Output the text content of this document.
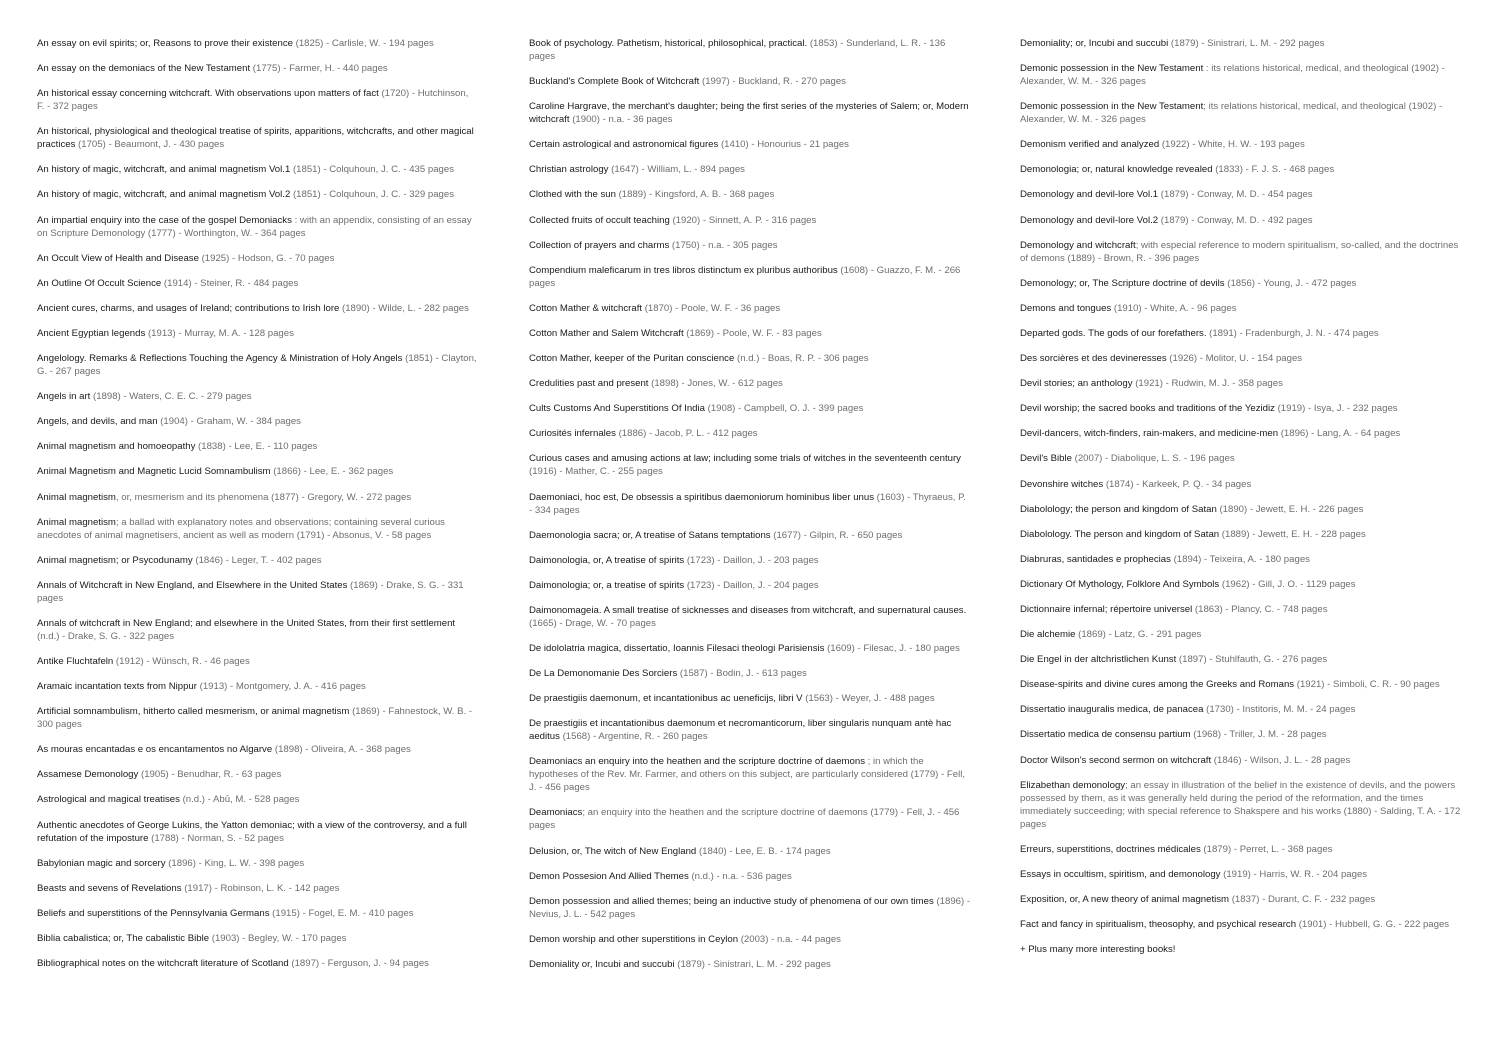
An essay on evil spirits; or, Reasons to prove their existence (1825) - Carlisle, W. - 194 pages

An essay on the demoniacs of the New Testament (1775) - Farmer, H. - 440 pages

An historical essay concerning witchcraft. With observations upon matters of fact (1720) - Hutchinson, F. - 372 pages

An historical, physiological and theological treatise of spirits, apparitions, witchcrafts, and other magical practices (1705) - Beaumont, J. - 430 pages

An history of magic, witchcraft, and animal magnetism Vol.1 (1851) - Colquhoun, J. C. - 435 pages

An history of magic, witchcraft, and animal magnetism Vol.2 (1851) - Colquhoun, J. C. - 329 pages

An impartial enquiry into the case of the gospel Demoniacks : with an appendix, consisting of an essay on Scripture Demonology (1777) - Worthington, W. - 364 pages

An Occult View of Health and Disease (1925) - Hodson, G. - 70 pages

An Outline Of Occult Science (1914) - Steiner, R. - 484 pages

Ancient cures, charms, and usages of Ireland; contributions to Irish lore (1890) - Wilde, L. - 282 pages

Ancient Egyptian legends (1913) - Murray, M. A. - 128 pages

Angelology. Remarks & Reflections Touching the Agency & Ministration of Holy Angels (1851) - Clayton, G. - 267 pages

Angels in art (1898) - Waters, C. E. C. - 279 pages

Angels, and devils, and man (1904) - Graham, W. - 384 pages

Animal magnetism and homoeopathy (1838) - Lee, E. - 110 pages

Animal Magnetism and Magnetic Lucid Somnambulism (1866) - Lee, E. - 362 pages

Animal magnetism, or, mesmerism and its phenomena (1877) - Gregory, W. - 272 pages

Animal magnetism; a ballad with explanatory notes and observations; containing several curious anecdotes of animal magnetisers, ancient as well as modern (1791) - Absonus, V. - 58 pages

Animal magnetism; or Psycodunamy (1846) - Leger, T. - 402 pages

Annals of Witchcraft in New England, and Elsewhere in the United States (1869) - Drake, S. G. - 331 pages

Annals of witchcraft in New England; and elsewhere in the United States, from their first settlement (n.d.) - Drake, S. G. - 322 pages

Antike Fluchtafeln (1912) - Wünsch, R. - 46 pages

Aramaic incantation texts from Nippur (1913) - Montgomery, J. A. - 416 pages

Artificial somnambulism, hitherto called mesmerism, or animal magnetism (1869) - Fahnestock, W. B. - 300 pages

As mouras encantadas e os encantamentos no Algarve (1898) - Oliveira, A. - 368 pages

Assamese Demonology (1905) - Benudhar, R. - 63 pages

Astrological and magical treatises (n.d.) - Abū, M. - 528 pages

Authentic anecdotes of George Lukins, the Yatton demoniac; with a view of the controversy, and a full refutation of the imposture (1788) - Norman, S. - 52 pages

Babylonian magic and sorcery (1896) - King, L. W. - 398 pages

Beasts and sevens of Revelations (1917) - Robinson, L. K. - 142 pages

Beliefs and superstitions of the Pennsylvania Germans (1915) - Fogel, E. M. - 410 pages

Biblia cabalistica; or, The cabalistic Bible (1903) - Begley, W. - 170 pages

Bibliographical notes on the witchcraft literature of Scotland (1897) - Ferguson, J. - 94 pages

Book of psychology. Pathetism, historical, philosophical, practical. (1853) - Sunderland, L. R. - 136 pages

Buckland's Complete Book of Witchcraft (1997) - Buckland, R. - 270 pages

Caroline Hargrave, the merchant's daughter; being the first series of the mysteries of Salem; or, Modern witchcraft (1900) - n.a. - 36 pages

Certain astrological and astronomical figures (1410) - Honourius - 21 pages

Christian astrology (1647) - William, L. - 894 pages

Clothed with the sun (1889) - Kingsford, A. B. - 368 pages

Collected fruits of occult teaching (1920) - Sinnett, A. P. - 316 pages

Collection of prayers and charms (1750) - n.a. - 305 pages

Compendium maleficarum in tres libros distinctum ex pluribus authoribus (1608) - Guazzo, F. M. - 266 pages

Cotton Mather & witchcraft (1870) - Poole, W. F. - 36 pages

Cotton Mather and Salem Witchcraft (1869) - Poole, W. F. - 83 pages

Cotton Mather, keeper of the Puritan conscience (n.d.) - Boas, R. P. - 306 pages

Credulities past and present (1898) - Jones, W. - 612 pages

Cults Customs And Superstitions Of India (1908) - Campbell, O. J. - 399 pages

Curiosités infernales (1886) - Jacob, P. L. - 412 pages

Curious cases and amusing actions at law; including some trials of witches in the seventeenth century (1916) - Mather, C. - 255 pages

Daemoniaci, hoc est, De obsessis a spiritibus daemoniorum hominibus liber unus (1603) - Thyraeus, P. - 334 pages

Daemonologia sacra; or, A treatise of Satans temptations (1677) - Gilpin, R. - 650 pages

Daimonologia, or, A treatise of spirits (1723) - Daillon, J. - 203 pages

Daimonologia; or, a treatise of spirits (1723) - Daillon, J. - 204 pages

Daimonomageia. A small treatise of sicknesses and diseases from witchcraft, and supernatural causes. (1665) - Drage, W. - 70 pages

De idololatria magica, dissertatio, Ioannis Filesaci theologi Parisiensis (1609) - Filesac, J. - 180 pages

De La Demonomanie Des Sorciers (1587) - Bodin, J. - 613 pages

De praestigiis daemonum, et incantationibus ac ueneficijs, libri V (1563) - Weyer, J. - 488 pages

De praestigiis et incantationibus daemonum et necromanticorum, liber singularis nunquam antè hac aeditus (1568) - Argentine, R. - 260 pages

Deamoniacs an enquiry into the heathen and the scripture doctrine of daemons ; in which the hypotheses of the Rev. Mr. Farmer, and others on this subject, are particularly considered (1779) - Fell, J. - 456 pages

Deamoniacs; an enquiry into the heathen and the scripture doctrine of daemons (1779) - Fell, J. - 456 pages

Delusion, or, The witch of New England (1840) - Lee, E. B. - 174 pages

Demon Possesion And Allied Themes (n.d.) - n.a. - 536 pages

Demon possession and allied themes; being an inductive study of phenomena of our own times (1896) - Nevius, J. L. - 542 pages

Demon worship and other superstitions in Ceylon (2003) - n.a. - 44 pages

Demoniality or, Incubi and succubi (1879) - Sinistrari, L. M. - 292 pages

Demoniality; or, Incubi and succubi (1879) - Sinistrari, L. M. - 292 pages

Demonic possession in the New Testament : its relations historical, medical, and theological (1902) - Alexander, W. M. - 326 pages

Demonic possession in the New Testament; its relations historical, medical, and theological (1902) - Alexander, W. M. - 326 pages

Demonism verified and analyzed (1922) - White, H. W. - 193 pages

Demonologia; or, natural knowledge revealed (1833) - F. J. S. - 468 pages

Demonology and devil-lore Vol.1 (1879) - Conway, M. D. - 454 pages

Demonology and devil-lore Vol.2 (1879) - Conway, M. D. - 492 pages

Demonology and witchcraft; with especial reference to modern spiritualism, so-called, and the doctrines of demons (1889) - Brown, R. - 396 pages

Demonology; or, The Scripture doctrine of devils (1856) - Young, J. - 472 pages

Demons and tongues (1910) - White, A. - 96 pages

Departed gods. The gods of our forefathers. (1891) - Fradenburgh, J. N. - 474 pages

Des sorcières et des devineresses (1926) - Molitor, U. - 154 pages

Devil stories; an anthology (1921) - Rudwin, M. J. - 358 pages

Devil worship; the sacred books and traditions of the Yezidiz (1919) - Isya, J. - 232 pages

Devil-dancers, witch-finders, rain-makers, and medicine-men (1896) - Lang, A. - 64 pages

Devil's Bible (2007) - Diabolique, L. S. - 196 pages

Devonshire witches (1874) - Karkeek, P. Q. - 34 pages

Diabolology; the person and kingdom of Satan (1890) - Jewett, E. H. - 226 pages

Diabolology. The person and kingdom of Satan (1889) - Jewett, E. H. - 228 pages

Diabruras, santidades e prophecias (1894) - Teixeira, A. - 180 pages

Dictionary Of Mythology, Folklore And Symbols (1962) - Gill, J. O. - 1129 pages

Dictionnaire infernal; répertoire universel (1863) - Plancy, C. - 748 pages

Die alchemie (1869) - Latz, G. - 291 pages

Die Engel in der altchristlichen Kunst (1897) - Stuhlfauth, G. - 276 pages

Disease-spirits and divine cures among the Greeks and Romans (1921) - Simboli, C. R. - 90 pages

Dissertatio inauguralis medica, de panacea (1730) - Institoris, M. M. - 24 pages

Dissertatio medica de consensu partium (1968) - Triller, J. M. - 28 pages

Doctor Wilson's second sermon on witchcraft (1846) - Wilson, J. L. - 28 pages

Elizabethan demonology; an essay in illustration of the belief in the existence of devils, and the powers possessed by them, as it was generally held during the period of the reformation, and the times immediately succeeding; with special reference to Shakspere and his works (1880) - Salding, T. A. - 172 pages

Erreurs, superstitions, doctrines médicales (1879) - Perret, L. - 368 pages

Essays in occultism, spiritism, and demonology (1919) - Harris, W. R. - 204 pages

Exposition, or, A new theory of animal magnetism (1837) - Durant, C. F. - 232 pages

Fact and fancy in spiritualism, theosophy, and psychical research (1901) - Hubbell, G. G. - 222 pages

+ Plus many more interesting books!
